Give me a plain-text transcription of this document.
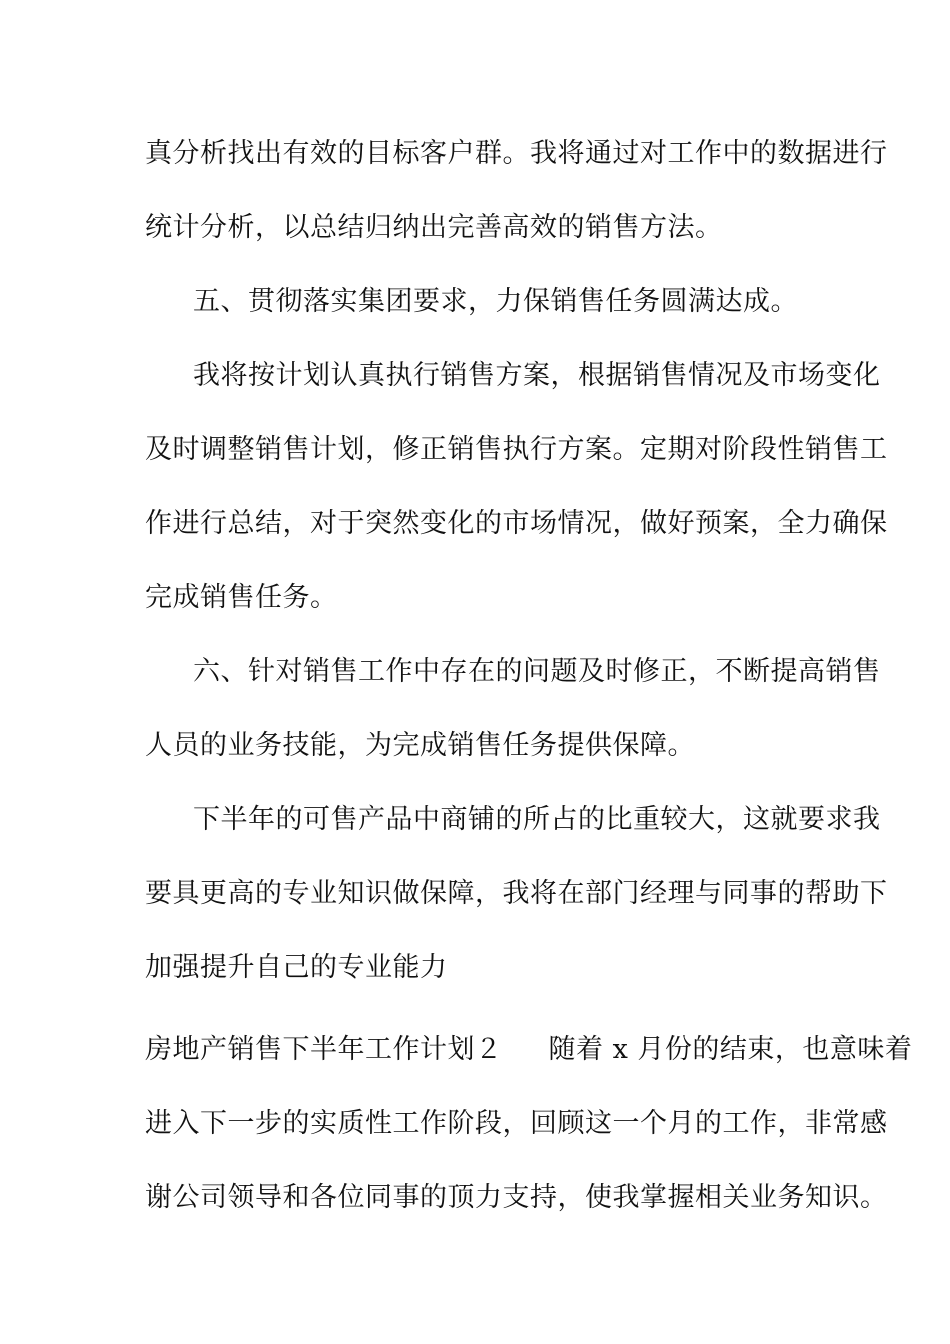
真分析找出有效的目标客户群。我将通过对工作中的数据进行
统计分析，以总结归纳出完善高效的销售方法。
五、贯彻落实集团要求，力保销售任务圆满达成。
我将按计划认真执行销售方案，根据销售情况及市场变化
及时调整销售计划，修正销售执行方案。定期对阶段性销售工
作进行总结，对于突然变化的市场情况，做好预案，全力确保
完成销售任务。
六、针对销售工作中存在的问题及时修正，不断提高销售
人员的业务技能，为完成销售任务提供保障。
下半年的可售产品中商铺的所占的比重较大，这就要求我
要具更高的专业知识做保障，我将在部门经理与同事的帮助下
加强提升自己的专业能力
房地产销售下半年工作计划２ 随着 x 月份的结束，也意味着
进入下一步的实质性工作阶段，回顾这一个月的工作，非常感
谢公司领导和各位同事的顶力支持，使我掌握相关业务知识。
